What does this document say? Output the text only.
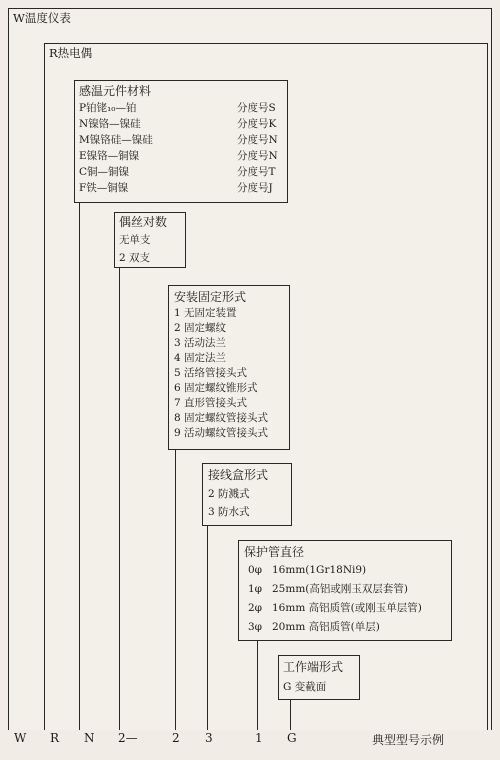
W温度仪表
R热电偶
感温元件材料
P铂铑₁₀—铂	分度号S
N镍铬—镍硅	分度号K
M镍铬硅—镍硅	分度号N
E镍铬—铜镍	分度号N
C铜—铜镍	分度号T
F铁—铜镍	分度号J
偶丝对数
无单支
2 双支
安装固定形式
1 无固定装置
2 固定螺纹
3 活动法兰
4 固定法兰
5 活络管接头式
6 固定螺纹锥形式
7 直形管接头式
8 固定螺纹管接头式
9 活动螺纹管接头式
接线盒形式
2 防溅式
3 防水式
保护管直径
0φ 16mm(1Gr18Ni9)
1φ 25mm(高铝或刚玉双层套管)
2φ 16mm 高铝质管(或刚玉单层管)
3φ 20mm 高铝质管(单层)
工作端形式
G 变截面
W R N 2—	2 3	1 G	典型型号示例
